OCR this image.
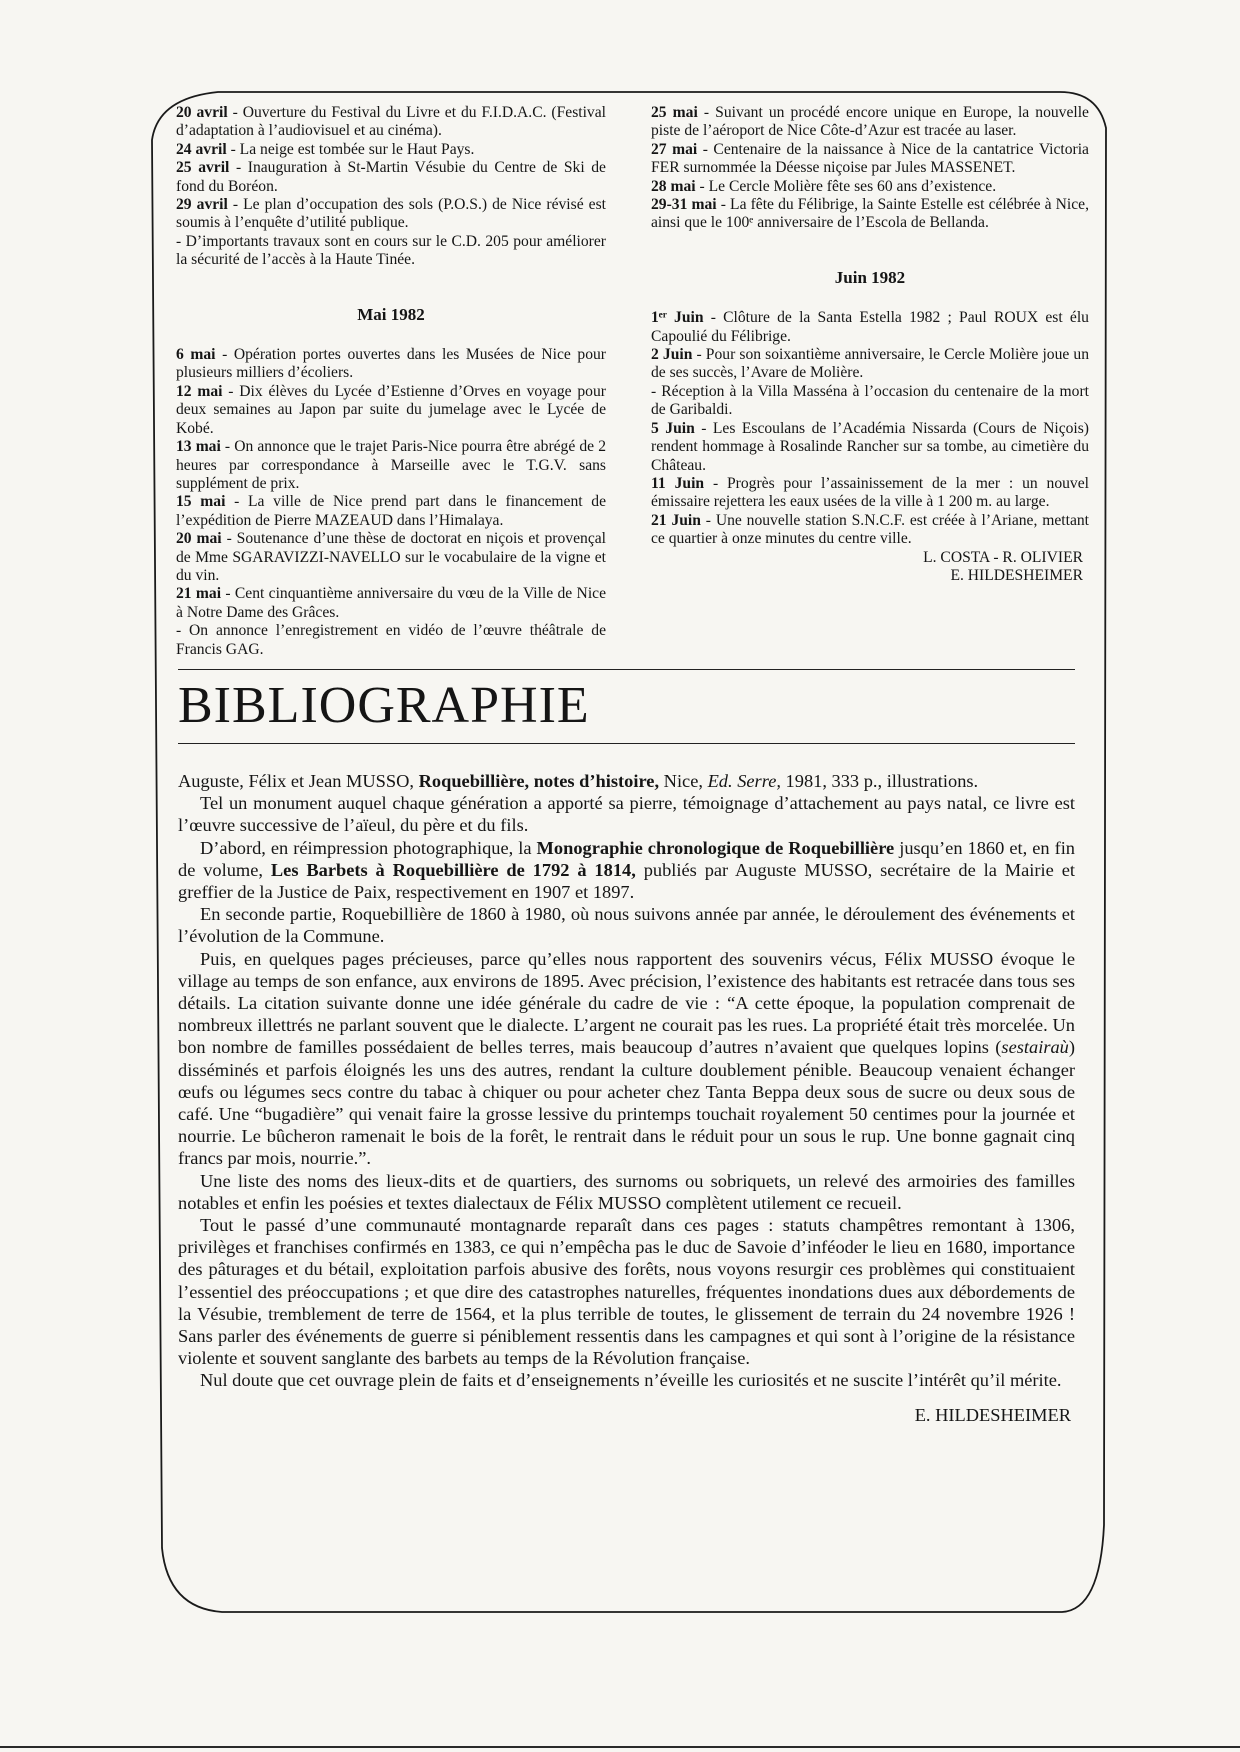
20 avril - Ouverture du Festival du Livre et du F.I.D.A.C. (Festival d’adaptation à l’audiovisuel et au cinéma).

24 avril - La neige est tombée sur le Haut Pays.

25 avril - Inauguration à St-Martin Vésubie du Centre de Ski de fond du Boréon.

29 avril - Le plan d’occupation des sols (P.O.S.) de Nice révisé est soumis à l’enquête d’utilité publique.

- D’importants travaux sont en cours sur le C.D. 205 pour améliorer la sécurité de l’accès à la Haute Tinée.

Mai 1982

6 mai - Opération portes ouvertes dans les Musées de Nice pour plusieurs milliers d’écoliers.

12 mai - Dix élèves du Lycée d’Estienne d’Orves en voyage pour deux semaines au Japon par suite du jumelage avec le Lycée de Kobé.

13 mai - On annonce que le trajet Paris-Nice pourra être abrégé de 2 heures par correspondance à Marseille avec le T.G.V. sans supplément de prix.

15 mai - La ville de Nice prend part dans le financement de l’expédition de Pierre MAZEAUD dans l’Himalaya.

20 mai - Soutenance d’une thèse de doctorat en niçois et provençal de Mme SGARAVIZZI-NAVELLO sur le vocabulaire de la vigne et du vin.

21 mai - Cent cinquantième anniversaire du vœu de la Ville de Nice à Notre Dame des Grâces.

- On annonce l’enregistrement en vidéo de l’œuvre théâtrale de Francis GAG.

25 mai - Suivant un procédé encore unique en Europe, la nouvelle piste de l’aéroport de Nice Côte-d’Azur est tracée au laser.

27 mai - Centenaire de la naissance à Nice de la cantatrice Victoria FER surnommée la Déesse niçoise par Jules MASSENET.

28 mai - Le Cercle Molière fête ses 60 ans d’existence.

29-31 mai - La fête du Félibrige, la Sainte Estelle est célébrée à Nice, ainsi que le 100ᵉ anniversaire de l’Escola de Bellanda.

Juin 1982

1ᵉʳ Juin - Clôture de la Santa Estella 1982 ; Paul ROUX est élu Capoulié du Félibrige.

2 Juin - Pour son soixantième anniversaire, le Cercle Molière joue un de ses succès, l’Avare de Molière.

- Réception à la Villa Masséna à l’occasion du centenaire de la mort de Garibaldi.

5 Juin - Les Escoulans de l’Académia Nissarda (Cours de Niçois) rendent hommage à Rosalinde Rancher sur sa tombe, au cimetière du Château.

11 Juin - Progrès pour l’assainissement de la mer : un nouvel émissaire rejettera les eaux usées de la ville à 1 200 m. au large.

21 Juin - Une nouvelle station S.N.C.F. est créée à l’Ariane, mettant ce quartier à onze minutes du centre ville.

L. COSTA - R. OLIVIER

E. HILDESHEIMER

BIBLIOGRAPHIE

Auguste, Félix et Jean MUSSO, Roquebillière, notes d’histoire, Nice, Ed. Serre, 1981, 333 p., illustrations.

Tel un monument auquel chaque génération a apporté sa pierre, témoignage d’attachement au pays natal, ce livre est l’œuvre successive de l’aïeul, du père et du fils.

D’abord, en réimpression photographique, la Monographie chronologique de Roquebillière jusqu’en 1860 et, en fin de volume, Les Barbets à Roquebillière de 1792 à 1814, publiés par Auguste MUSSO, secrétaire de la Mairie et greffier de la Justice de Paix, respectivement en 1907 et 1897.

En seconde partie, Roquebillière de 1860 à 1980, où nous suivons année par année, le déroulement des événements et l’évolution de la Commune.

Puis, en quelques pages précieuses, parce qu’elles nous rapportent des souvenirs vécus, Félix MUSSO évoque le village au temps de son enfance, aux environs de 1895. Avec précision, l’existence des habitants est retracée dans tous ses détails. La citation suivante donne une idée générale du cadre de vie : “A cette époque, la population comprenait de nombreux illettrés ne parlant souvent que le dialecte. L’argent ne courait pas les rues. La propriété était très morcelée. Un bon nombre de familles possédaient de belles terres, mais beaucoup d’autres n’avaient que quelques lopins (sestairaù) disséminés et parfois éloignés les uns des autres, rendant la culture doublement pénible. Beaucoup venaient échanger œufs ou légumes secs contre du tabac à chiquer ou pour acheter chez Tanta Beppa deux sous de sucre ou deux sous de café. Une “bugadière” qui venait faire la grosse lessive du printemps touchait royalement 50 centimes pour la journée et nourrie. Le bûcheron ramenait le bois de la forêt, le rentrait dans le réduit pour un sous le rup. Une bonne gagnait cinq francs par mois, nourrie.”.

Une liste des noms des lieux-dits et de quartiers, des surnoms ou sobriquets, un relevé des armoiries des familles notables et enfin les poésies et textes dialectaux de Félix MUSSO complètent utilement ce recueil.

Tout le passé d’une communauté montagnarde reparaît dans ces pages : statuts champêtres remontant à 1306, privilèges et franchises confirmés en 1383, ce qui n’empêcha pas le duc de Savoie d’inféoder le lieu en 1680, importance des pâturages et du bétail, exploitation parfois abusive des forêts, nous voyons resurgir ces problèmes qui constituaient l’essentiel des préoccupations ; et que dire des catastrophes naturelles, fréquentes inondations dues aux débordements de la Vésubie, tremblement de terre de 1564, et la plus terrible de toutes, le glissement de terrain du 24 novembre 1926 ! Sans parler des événements de guerre si péniblement ressentis dans les campagnes et qui sont à l’origine de la résistance violente et souvent sanglante des barbets au temps de la Révolution française.

Nul doute que cet ouvrage plein de faits et d’enseignements n’éveille les curiosités et ne suscite l’intérêt qu’il mérite.

E. HILDESHEIMER
